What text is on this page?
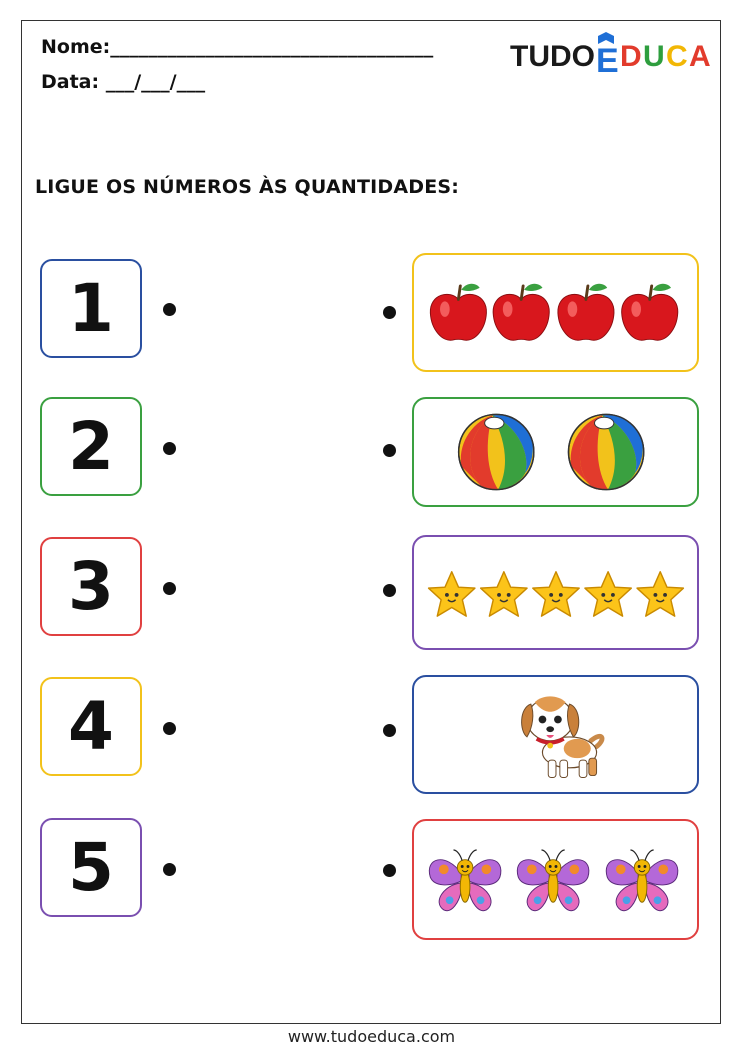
Nome:__________________________________
Data: ___/___/___
TUDO E D U C A
LIGUE OS NÚMEROS ÀS QUANTIDADES:
1
2
3
4
5
www.tudoeduca.com
